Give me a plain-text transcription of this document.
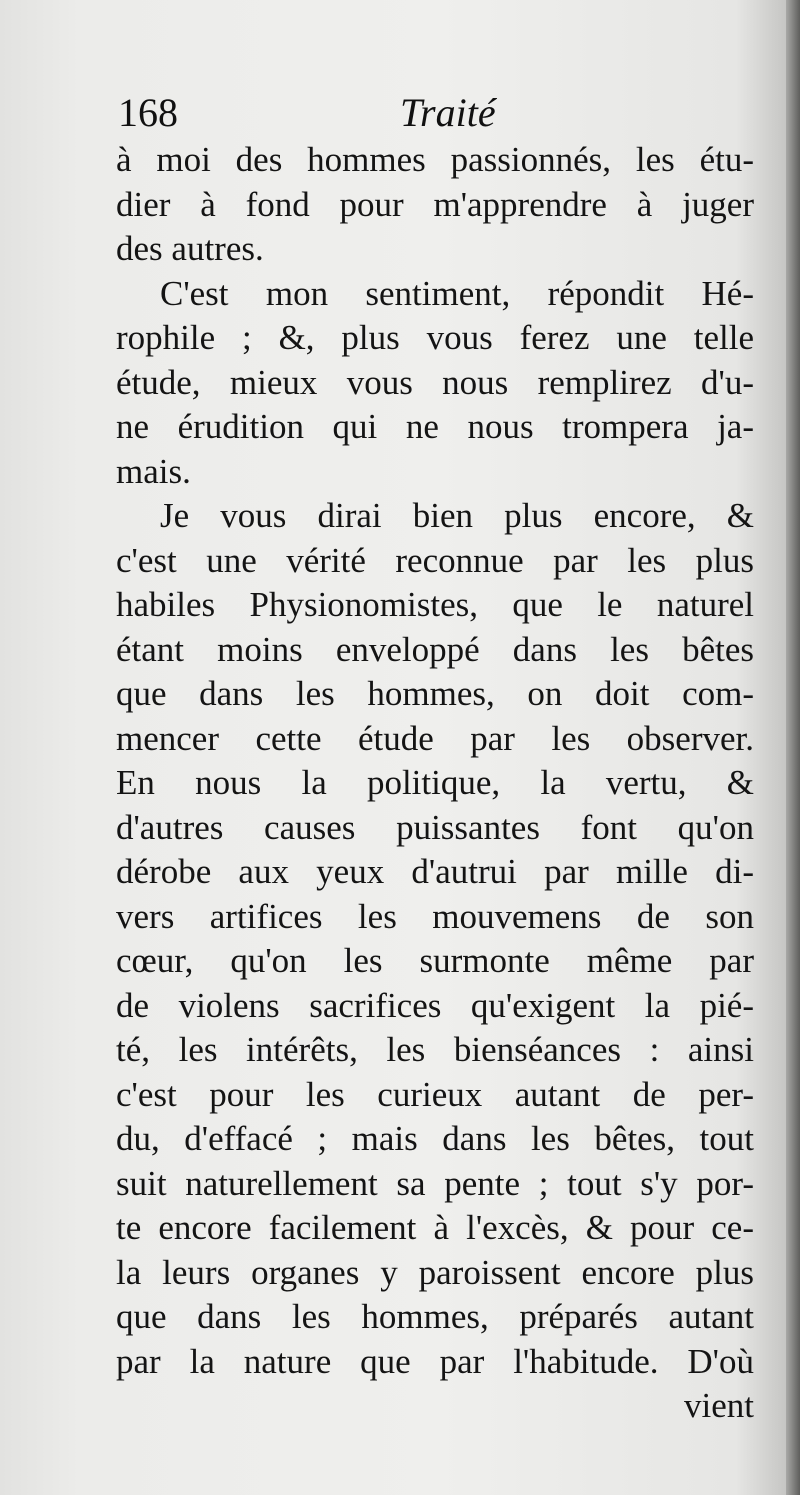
168	Traité
à moi des hommes passionnés, les étu-
dier à fond pour m'apprendre à juger
des autres.
C'est mon sentiment, répondit Hé-
rophile ; &, plus vous ferez une telle
étude, mieux vous nous remplirez d'u-
ne érudition qui ne nous trompera ja-
mais.
Je vous dirai bien plus encore, &
c'est une vérité reconnue par les plus
habiles Physionomistes, que le naturel
étant moins enveloppé dans les bêtes
que dans les hommes, on doit com-
mencer cette étude par les observer.
En nous la politique, la vertu, &
d'autres causes puissantes font qu'on
dérobe aux yeux d'autrui par mille di-
vers artifices les mouvemens de son
cœur, qu'on les surmonte même par
de violens sacrifices qu'exigent la pié-
té, les intérêts, les bienséances : ainsi
c'est pour les curieux autant de per-
du, d'effacé ; mais dans les bêtes, tout
suit naturellement sa pente ; tout s'y por-
te encore facilement à l'excès, & pour ce-
la leurs organes y paroissent encore plus
que dans les hommes, préparés autant
par la nature que par l'habitude. D'où
vient
